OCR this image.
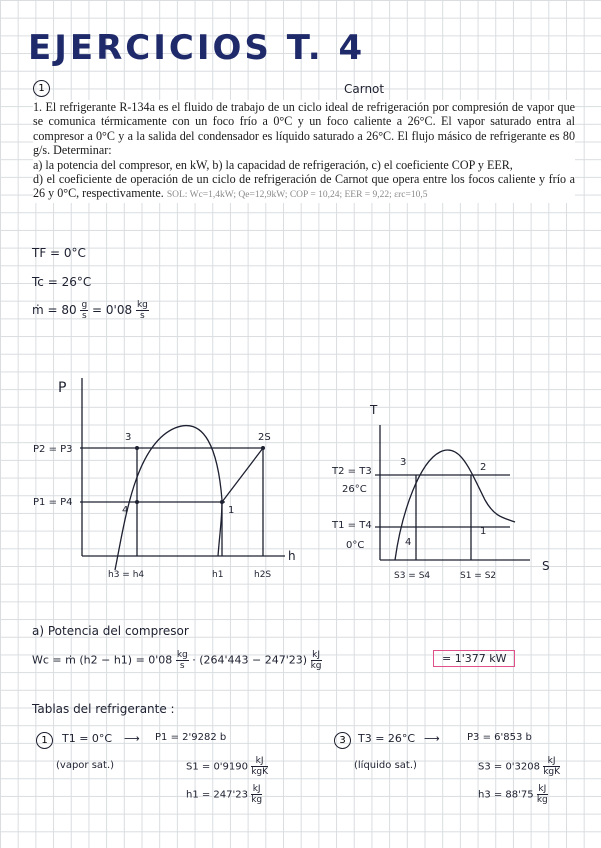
EJERCICIOS T. 4
1	Carnot

1. El refrigerante R-134a es el fluido de trabajo de un ciclo ideal de refrigeración por compresión de vapor que se comunica térmicamente con un foco frío a 0°C y un foco caliente a 26°C. El vapor saturado entra al compresor a 0°C y a la salida del condensador es líquido saturado a 26°C. El flujo másico de refrigerante es 80 g/s. Determinar:

a) la potencia del compresor, en kW, b) la capacidad de refrigeración, c) el coeficiente COP y EER,

d) el coeficiente de operación de un ciclo de refrigeración de Carnot que opera entre los focos caliente y frío a 26 y 0°C, respectivamente. SOL: Wc=1,4kW; Qe=12,9kW; COP = 10,24; EER = 9,22; εrc=10,5

TF = 0°C
Tc = 26°C
ṁ = $80 \frac{g}{s} = 0'08 \frac{kg}{s}$
P
h
P2 = P3
P1 = P4
3	2S
4	1
h3 = h4	h1	h2S
T
S
T2 = T3
26°C
T1 = T4
0°C
3	2
4
1
S3 = S4	S1 = S2
a) Potencia del compresor
Wc = ṁ $(h2 - h1) = 0'08 \frac{kg}{s} \cdot (264'443 - 247'23) \frac{kJ}{kg}$	= 1'377 kW
Tablas del refrigerante :
1	T1 = 0°C ⟶ P1 = 2'9282 b
(vapor sat.)	$S1 = 0'9190 \frac{kJ}{\text{kgK}}$
$h1 = 247'23 \frac{kJ}{kg}$
3	T3 = 26°C ⟶	P3 = 6'853 b
(líquido sat.)	$S3 = 0'3208 \frac{kJ}{\text{kgK}}$
$h3 = 88'75 \frac{kJ}{kg}$
